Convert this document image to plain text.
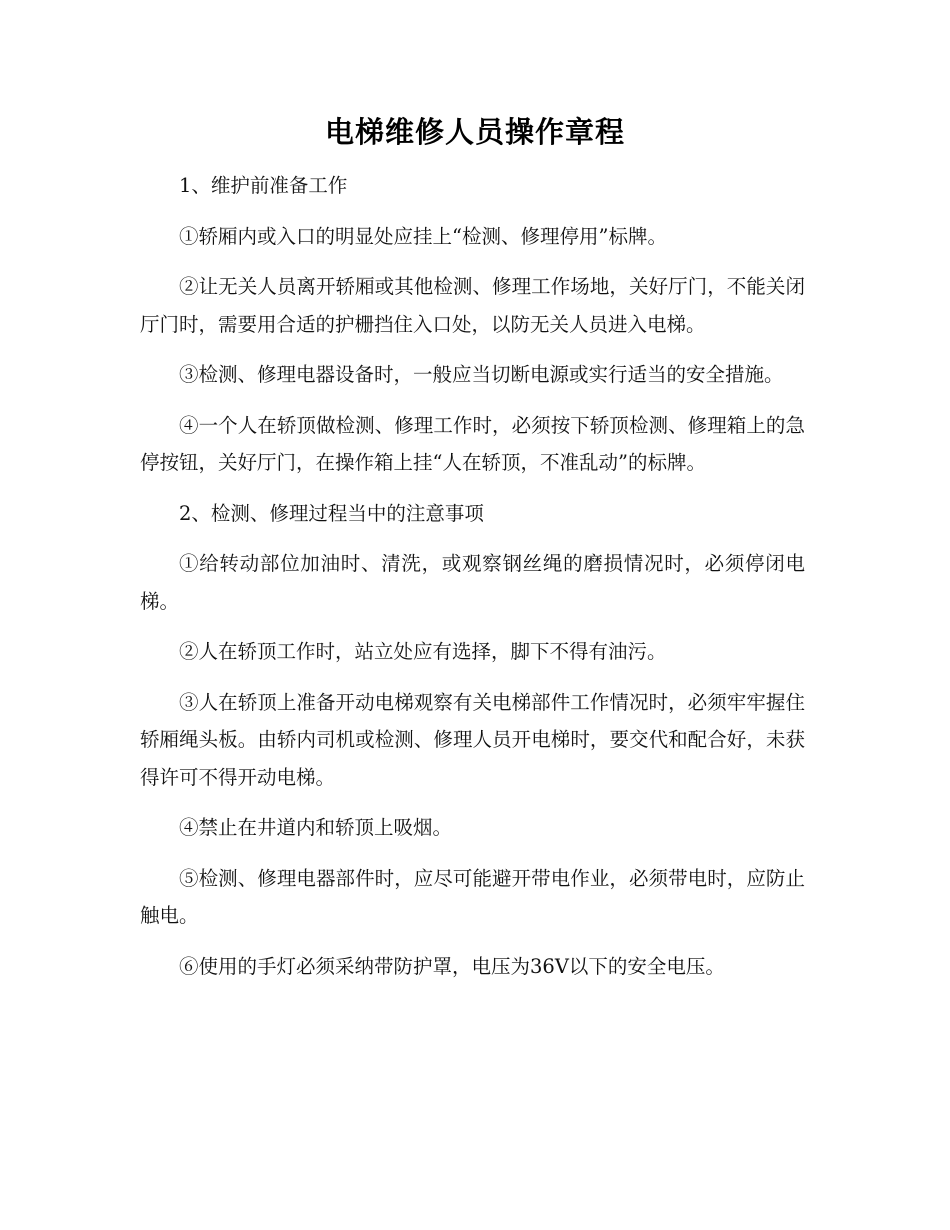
电梯维修人员操作章程

1、维护前准备工作

①轿厢内或入口的明显处应挂上“检测、修理停用”标牌。

②让无关人员离开轿厢或其他检测、修理工作场地，关好厅门，不能关闭厅门时，需要用合适的护栅挡住入口处，以防无关人员进入电梯。

③检测、修理电器设备时，一般应当切断电源或实行适当的安全措施。

④一个人在轿顶做检测、修理工作时，必须按下轿顶检测、修理箱上的急停按钮，关好厅门，在操作箱上挂“人在轿顶，不准乱动”的标牌。

2、检测、修理过程当中的注意事项

①给转动部位加油时、清洗，或观察钢丝绳的磨损情况时，必须停闭电梯。

②人在轿顶工作时，站立处应有选择，脚下不得有油污。

③人在轿顶上准备开动电梯观察有关电梯部件工作情况时，必须牢牢握住轿厢绳头板。由轿内司机或检测、修理人员开电梯时，要交代和配合好，未获得许可不得开动电梯。

④禁止在井道内和轿顶上吸烟。

⑤检测、修理电器部件时，应尽可能避开带电作业，必须带电时，应防止触电。

⑥使用的手灯必须采纳带防护罩，电压为36V以下的安全电压。
